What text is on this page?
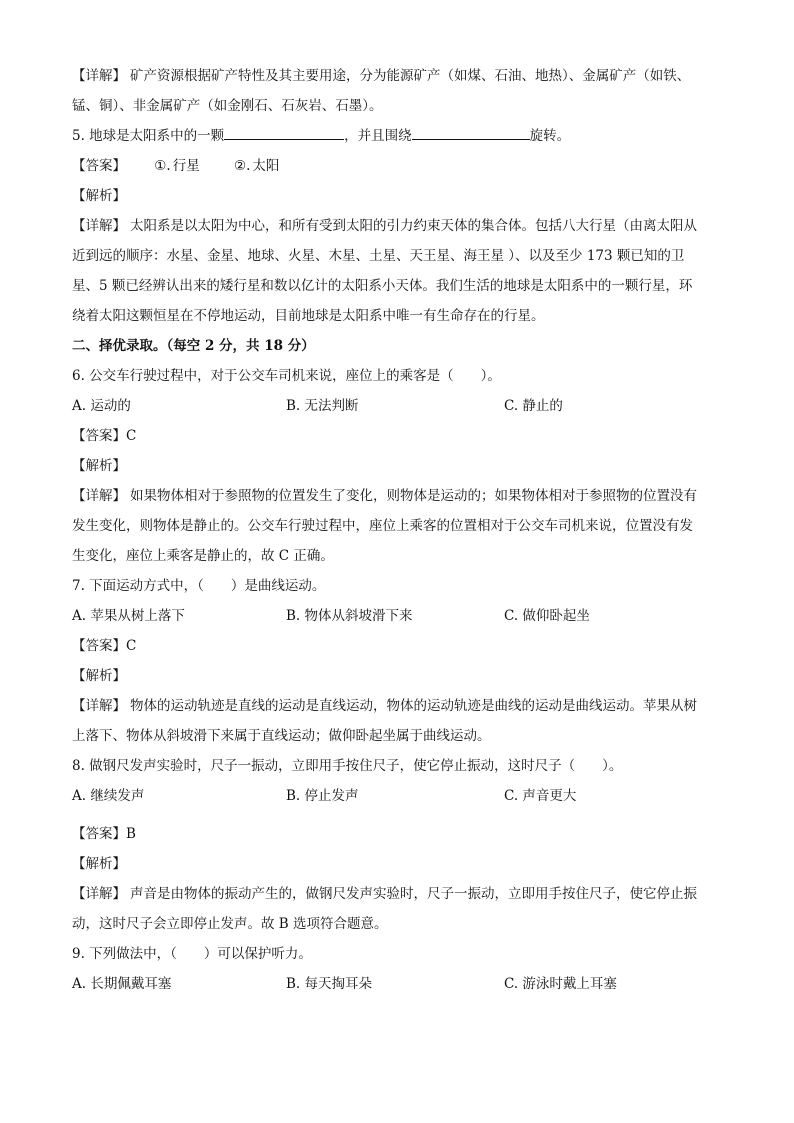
【详解】 矿产资源根据矿产特性及其主要用途，分为能源矿产（如煤、石油、地热）、金属矿产（如铁、
锰、铜）、非金属矿产（如金刚石、石灰岩、石墨）。
5. 地球是太阳系中的一颗	，并且围绕	旋转。
【答案】 ①. 行星	②. 太阳
【解析】
【详解】 太阳系是以太阳为中心，和所有受到太阳的引力约束天体的集合体。包括八大行星（由离太阳从
近到远的顺序：水星、金星、地球、火星、木星、土星、天王星、海王星 ）、以及至少 173 颗已知的卫
星、5 颗已经辨认出来的矮行星和数以亿计的太阳系小天体。我们生活的地球是太阳系中的一颗行星，环
绕着太阳这颗恒星在不停地运动，目前地球是太阳系中唯一有生命存在的行星。
二、择优录取。（每空 2 分，共 18 分）
6. 公交车行驶过程中，对于公交车司机来说，座位上的乘客是（　　）。
A. 运动的	B. 无法判断	C. 静止的
【答案】C
【解析】
【详解】 如果物体相对于参照物的位置发生了变化，则物体是运动的；如果物体相对于参照物的位置没有
发生变化，则物体是静止的。公交车行驶过程中，座位上乘客的位置相对于公交车司机来说，位置没有发
生变化，座位上乘客是静止的，故 C 正确。
7. 下面运动方式中，（　　）是曲线运动。
A. 苹果从树上落下	B. 物体从斜坡滑下来	C. 做仰卧起坐
【答案】C
【解析】
【详解】 物体的运动轨迹是直线的运动是直线运动，物体的运动轨迹是曲线的运动是曲线运动。苹果从树
上落下、物体从斜坡滑下来属于直线运动；做仰卧起坐属于曲线运动。
8. 做钢尺发声实验时，尺子一振动，立即用手按住尺子，使它停止振动，这时尺子（　　）。
A. 继续发声	B. 停止发声	C. 声音更大
【答案】B
【解析】
【详解】 声音是由物体的振动产生的，做钢尺发声实验时，尺子一振动，立即用手按住尺子，使它停止振
动，这时尺子会立即停止发声。故 B 选项符合题意。
9. 下列做法中，（　　）可以保护听力。
A. 长期佩戴耳塞	B. 每天掏耳朵	C. 游泳时戴上耳塞
